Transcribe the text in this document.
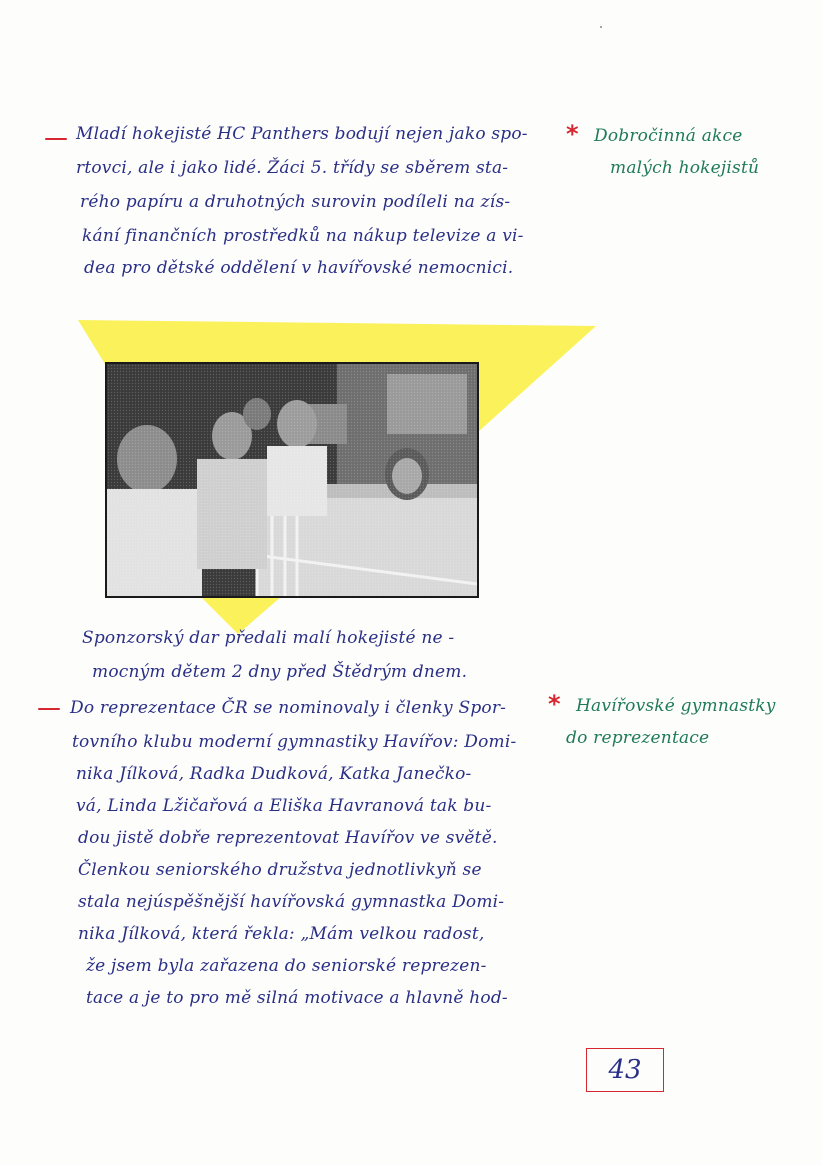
Mladí hokejisté HC Panthers bodují nejen jako spo-

rtovci, ale i jako lidé. Žáci 5. třídy se sběrem sta-

rého papíru a druhotných surovin podíleli na zís-

kání finančních prostředků na nákup televize a vi-

dea pro dětské oddělení v havířovské nemocnici.

* Dobročinná akce

malých hokejistů

Sponzorský dar předali malí hokejisté ne -

mocným dětem 2 dny před Štědrým dnem.

Do reprezentace ČR se nominovaly i členky Spor-

tovního klubu moderní gymnastiky Havířov: Domi-

nika Jílková, Radka Dudková, Katka Janečko-

vá, Linda Lžičařová a Eliška Havranová tak bu-

dou jistě dobře reprezentovat Havířov ve světě.

Členkou seniorského družstva jednotlivkyň se

stala nejúspěšnější havířovská gymnastka Domi-

nika Jílková, která řekla: „Mám velkou radost,

že jsem byla zařazena do seniorské reprezen-

tace a je to pro mě silná motivace a hlavně hod-

* Havířovské gymnastky

do reprezentace

43
